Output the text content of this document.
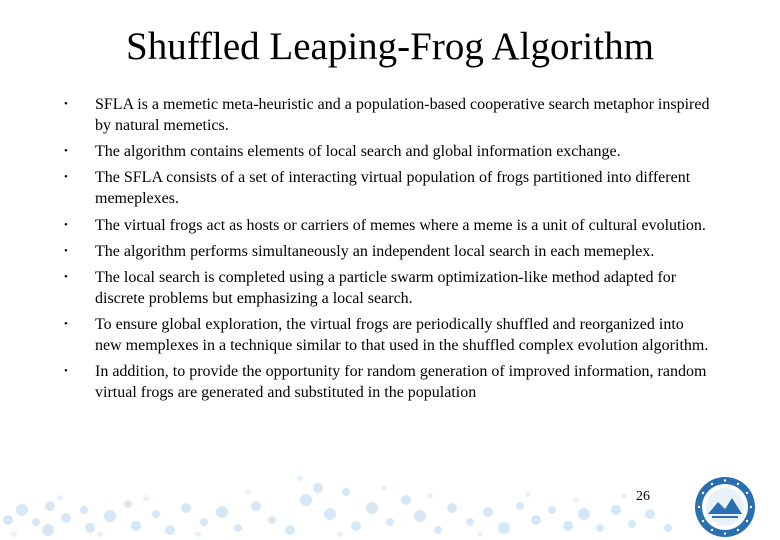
Shuffled Leaping-Frog Algorithm
• SFLA is a memetic meta-heuristic and a population-based cooperative search metaphor inspired by natural memetics.
• The algorithm contains elements of local search and global information exchange.
• The SFLA consists of a set of interacting virtual population of frogs partitioned into different memeplexes.
• The virtual frogs act as hosts or carriers of memes where a meme is a unit of cultural evolution.
• The algorithm performs simultaneously an independent local search in each memeplex.
• The local search is completed using a particle swarm optimization-like method adapted for discrete problems but emphasizing a local search.
• To ensure global exploration, the virtual frogs are periodically shuffled and reorganized into new memplexes in a technique similar to that used in the shuffled complex evolution algorithm.
• In addition, to provide the opportunity for random generation of improved information, random virtual frogs are generated and substituted in the population
26
